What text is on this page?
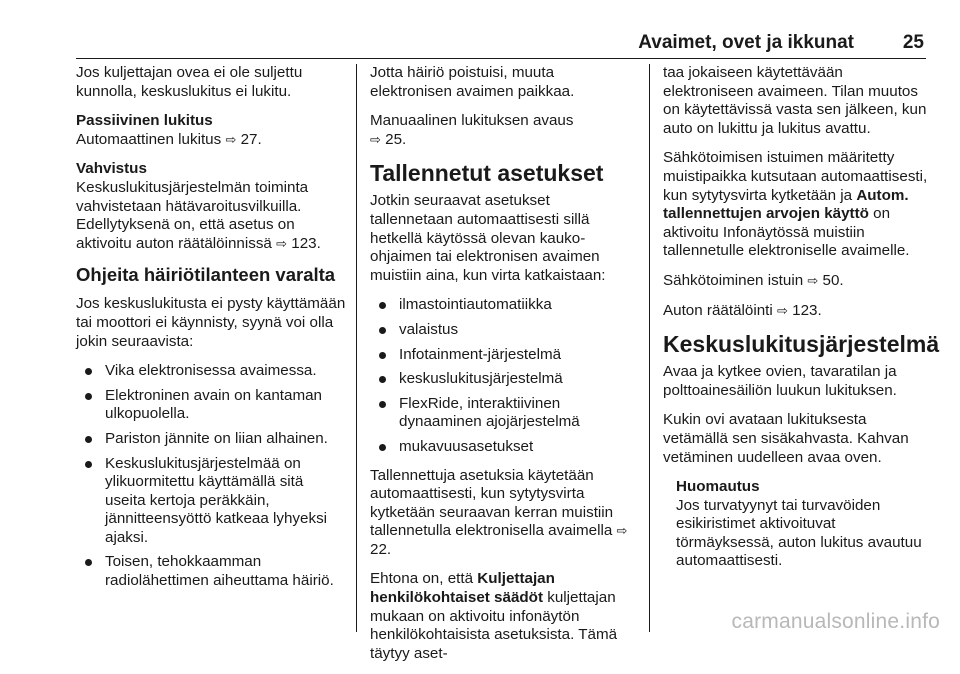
Avaimet, ovet ja ikkunat	25

Jos kuljettajan ovea ei ole suljettu kunnolla, keskuslukitus ei lukitu.

Passiivinen lukitus
Automaattinen lukitus ⇨ 27.

Vahvistus
Keskuslukitusjärjestelmän toiminta vahvistetaan hätävaroitusvilkuilla. Edellytyksenä on, että asetus on aktivoitu auton räätälöinnissä ⇨ 123.

Ohjeita häiriötilanteen varalta

Jos keskuslukitusta ei pysty käyttämään tai moottori ei käynnisty, syynä voi olla jokin seuraavista:

Vika elektronisessa avaimessa.
Elektroninen avain on kantaman ulkopuolella.
Pariston jännite on liian alhainen.
Keskuslukitusjärjestelmää on ylikuormitettu käyttämällä sitä useita kertoja peräkkäin, jännitteensyöttö katkeaa lyhyeksi ajaksi.
Toisen, tehokkaamman radiolähettimen aiheuttama häiriö.

Jotta häiriö poistuisi, muuta elektronisen avaimen paikkaa.

Manuaalinen lukituksen avaus
⇨ 25.

Tallennetut asetukset

Jotkin seuraavat asetukset tallennetaan automaattisesti sillä hetkellä käytössä olevan kauko-ohjaimen tai elektronisen avaimen muistiin aina, kun virta katkaistaan:

ilmastointiautomatiikka
valaistus
Infotainment-järjestelmä
keskuslukitusjärjestelmä
FlexRide, interaktiivinen dynaaminen ajojärjestelmä
mukavuusasetukset

Tallennettuja asetuksia käytetään automaattisesti, kun sytytysvirta kytketään seuraavan kerran muistiin tallennetulla elektronisella avaimella ⇨ 22.

Ehtona on, että Kuljettajan henkilökohtaiset säädöt kuljettajan mukaan on aktivoitu infonäytön henkilökohtaisista asetuksista. Tämä täytyy aset-

taa jokaiseen käytettävään elektroniseen avaimeen. Tilan muutos on käytettävissä vasta sen jälkeen, kun auto on lukittu ja lukitus avattu.

Sähkötoimisen istuimen määritetty muistipaikka kutsutaan automaattisesti, kun sytytysvirta kytketään ja Autom. tallennettujen arvojen käyttö on aktivoitu Infonäytössä muistiin tallennetulle elektroniselle avaimelle.

Sähkötoiminen istuin ⇨ 50.

Auton räätälöinti ⇨ 123.

Keskuslukitusjärjestelmä

Avaa ja kytkee ovien, tavaratilan ja polttoainesäiliön luukun lukituksen.

Kukin ovi avataan lukituksesta vetämällä sen sisäkahvasta. Kahvan vetäminen uudelleen avaa oven.

Huomautus
Jos turvatyynyt tai turvavöiden esikiristimet aktivoituvat törmäyksessä, auton lukitus avautuu automaattisesti.
carmanualsonline.info
